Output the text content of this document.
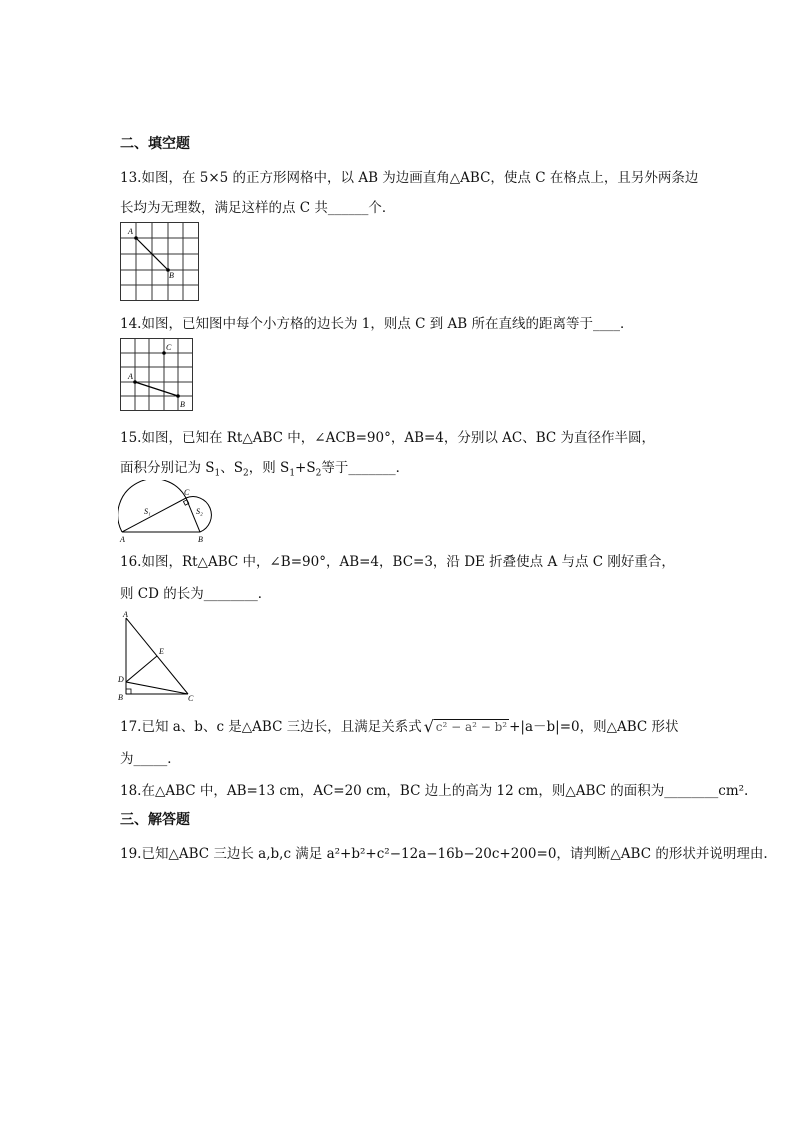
二、填空题
13.如图，在 5×5 的正方形网格中，以 AB 为边画直角△ABC，使点 C 在格点上，且另外两条边
长均为无理数，满足这样的点 C 共______个．
A
B
14.如图，已知图中每个小方格的边长为 1，则点 C 到 AB 所在直线的距离等于____．
A
B
C
15.如图，已知在 Rt△ABC 中，∠ACB=90°，AB=4，分别以 AC、BC 为直径作半圆，
面积分别记为 $S_1$、$S_2$，则 $S_1+S_2$等于_______．
A	B
C
S₁	S₂
16.如图，Rt△ABC 中，∠B=90°，AB=4，BC=3，沿 DE 折叠使点 A 与点 C 刚好重合，
则 CD 的长为________．
A
B	C
D
E
17.已知 a、b、c 是△ABC 三边长，且满足关系式 √ c² − a² − b² +|a－b|=0，则△ABC 形状
为_____．
18.在△ABC 中，AB=13 cm，AC=20 cm，BC 边上的高为 12 cm，则△ABC 的面积为________cm².
三、解答题
19.已知△ABC 三边长 a,b,c 满足 a²+b²+c²−12a−16b−20c+200=0，请判断△ABC 的形状并说明理由.
